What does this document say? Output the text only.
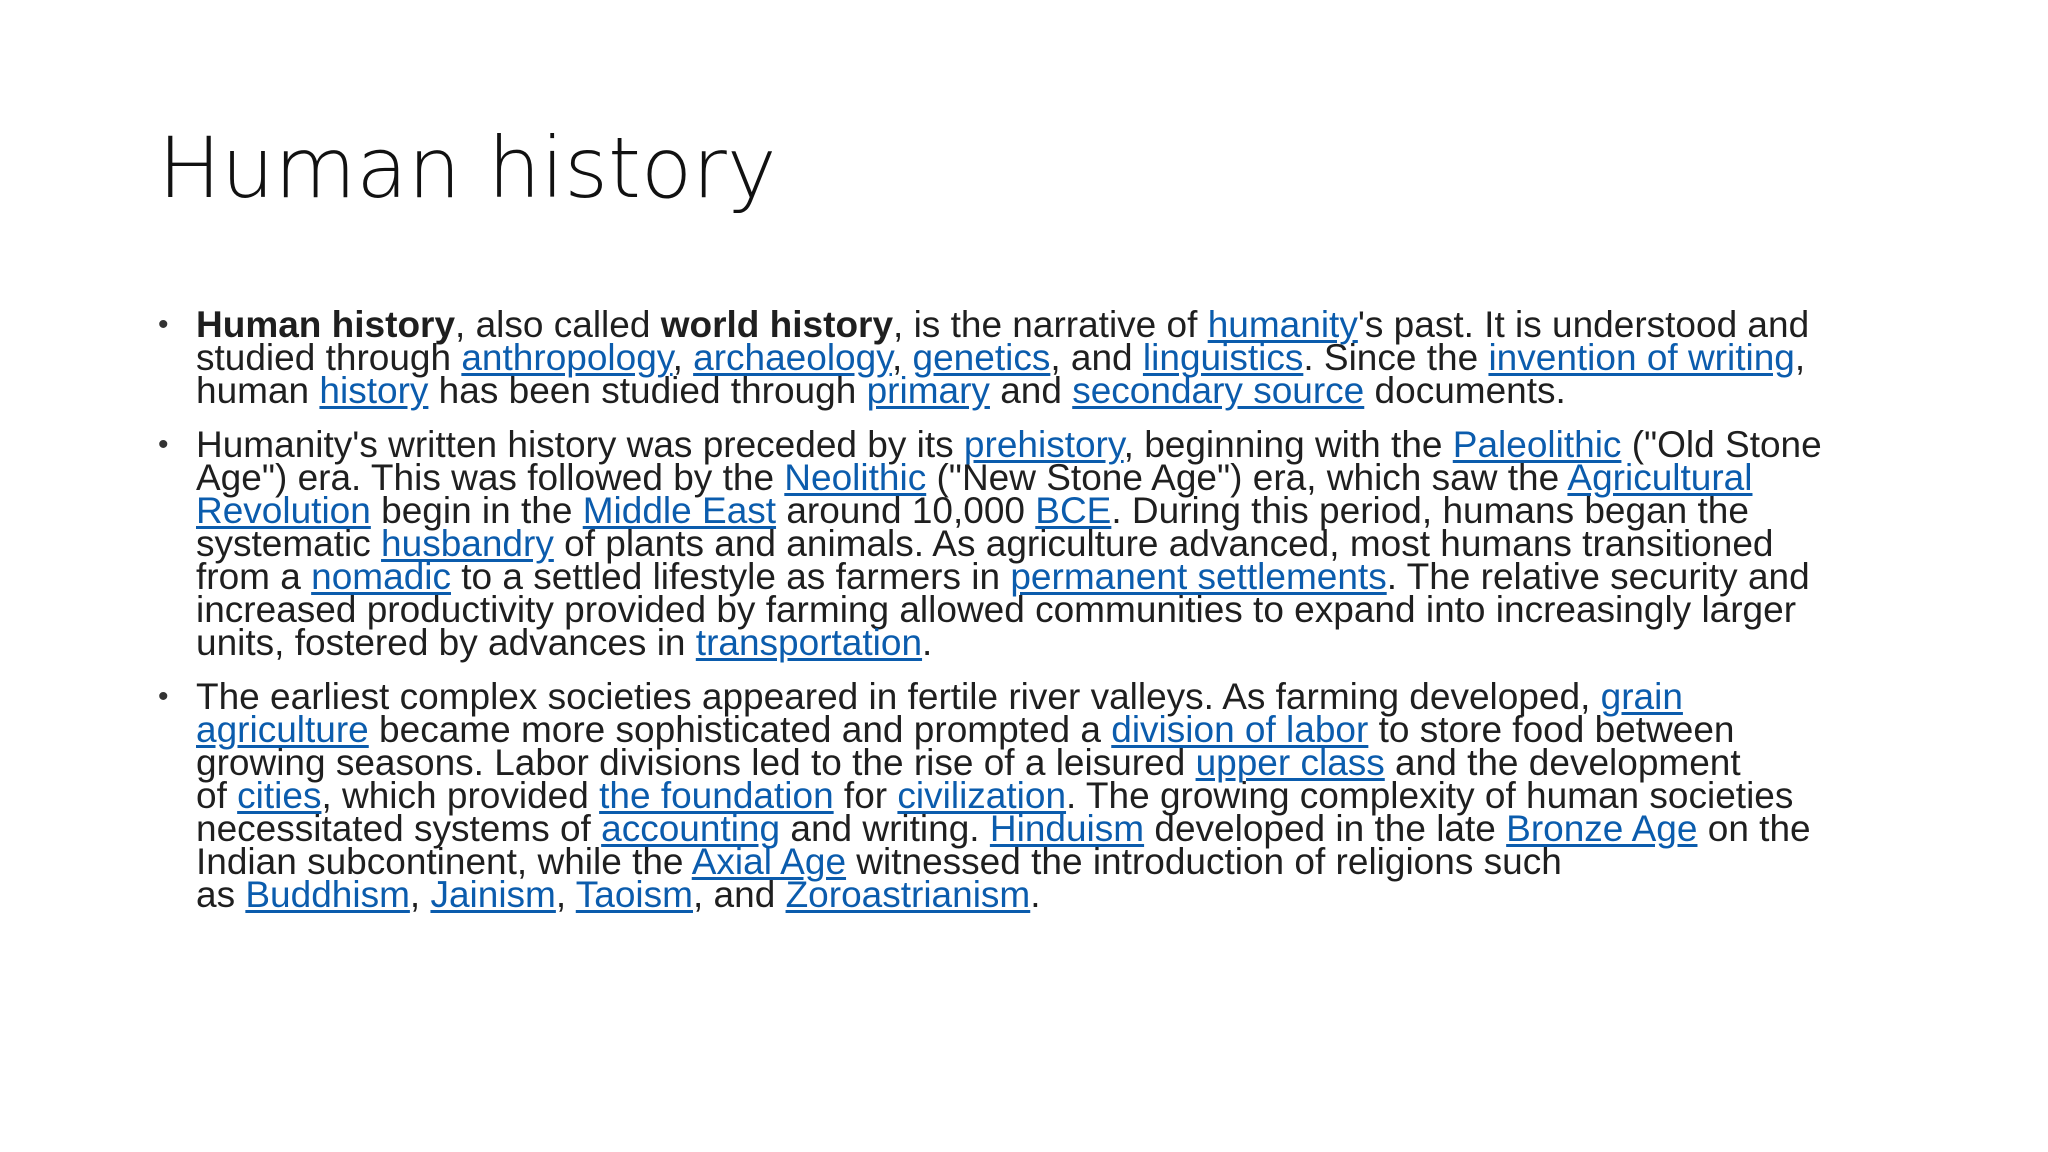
Human history
• Human history, also called world history, is the narrative of humanity's past. It is understood and
studied through anthropology, archaeology, genetics, and linguistics. Since the invention of writing,
human history has been studied through primary and secondary source documents.
• Humanity's written history was preceded by its prehistory, beginning with the Paleolithic ("Old Stone
Age") era. This was followed by the Neolithic ("New Stone Age") era, which saw the Agricultural
Revolution begin in the Middle East around 10,000 BCE. During this period, humans began the
systematic husbandry of plants and animals. As agriculture advanced, most humans transitioned
from a nomadic to a settled lifestyle as farmers in permanent settlements. The relative security and
increased productivity provided by farming allowed communities to expand into increasingly larger
units, fostered by advances in transportation.
• The earliest complex societies appeared in fertile river valleys. As farming developed, grain
agriculture became more sophisticated and prompted a division of labor to store food between
growing seasons. Labor divisions led to the rise of a leisured upper class and the development
of cities, which provided the foundation for civilization. The growing complexity of human societies
necessitated systems of accounting and writing. Hinduism developed in the late Bronze Age on the
Indian subcontinent, while the Axial Age witnessed the introduction of religions such
as Buddhism, Jainism, Taoism, and Zoroastrianism.
